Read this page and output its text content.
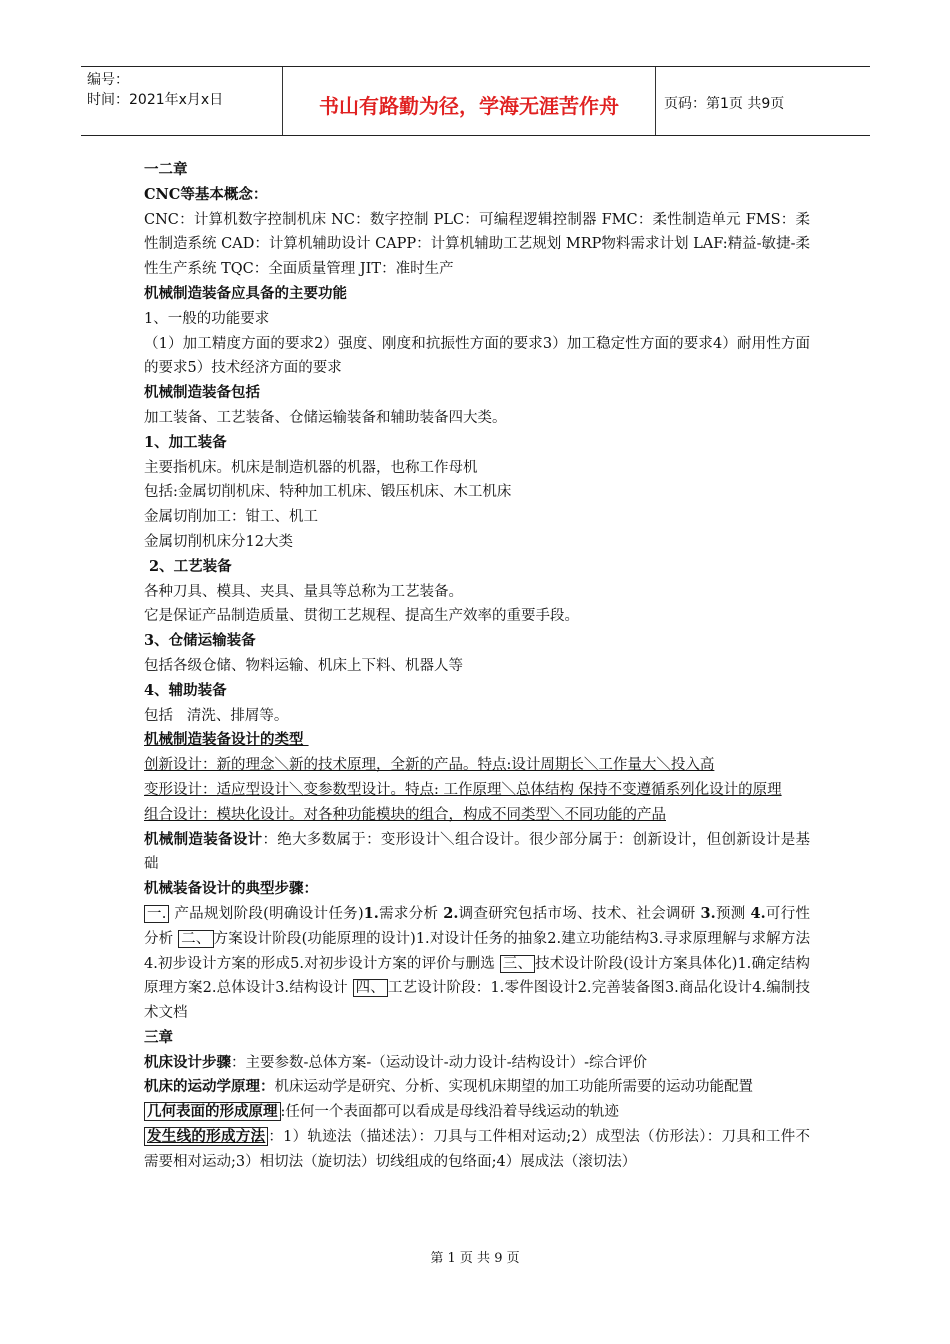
编号：
时间：2021年x月x日	书山有路勤为径，学海无涯苦作舟	页码：第1页 共9页

一二章

CNC等基本概念：

CNC：计算机数字控制机床 NC：数字控制 PLC：可编程逻辑控制器 FMC：柔性制造单元 FMS：柔性制造系统 CAD：计算机辅助设计 CAPP：计算机辅助工艺规划 MRP物料需求计划 LAF:精益-敏捷-柔性生产系统 TQC：全面质量管理 JIT：准时生产

机械制造装备应具备的主要功能

1、一般的功能要求

（1）加工精度方面的要求2）强度、刚度和抗振性方面的要求3）加工稳定性方面的要求4）耐用性方面的要求5）技术经济方面的要求

机械制造装备包括

加工装备、工艺装备、仓储运输装备和辅助装备四大类。

1、加工装备

主要指机床。机床是制造机器的机器，也称工作母机

包括:金属切削机床、特种加工机床、锻压机床、木工机床

金属切削加工：钳工、机工

金属切削机床分12大类

2、工艺装备

各种刀具、模具、夹具、量具等总称为工艺装备。

它是保证产品制造质量、贯彻工艺规程、提高生产效率的重要手段。

3、仓储运输装备

包括各级仓储、物料运输、机床上下料、机器人等

4、辅助装备

包括   清洗、排屑等。

机械制造装备设计的类型

创新设计：新的理念＼新的技术原理，全新的产品。特点:设计周期长＼工作量大＼投入高

变形设计：适应型设计＼变参数型设计。特点: 工作原理＼总体结构 保持不变遵循系列化设计的原理

组合设计：模块化设计。对各种功能模块的组合，构成不同类型＼不同功能的产品

机械制造装备设计：绝大多数属于：变形设计＼组合设计。很少部分属于：创新设计，但创新设计是基础

机械装备设计的典型步骤：

一. 产品规划阶段(明确设计任务)1.需求分析 2.调查研究包括市场、技术、社会调研 3.预测 4.可行性分析 二、 方案设计阶段(功能原理的设计)1.对设计任务的抽象2.建立功能结构3.寻求原理解与求解方法4.初步设计方案的形成5.对初步设计方案的评价与删选 三、 技术设计阶段(设计方案具体化)1.确定结构原理方案2.总体设计3.结构设计 四、 工艺设计阶段：1.零件图设计2.完善装备图3.商品化设计4.编制技术文档

三章

机床设计步骤：主要参数-总体方案-（运动设计-动力设计-结构设计）-综合评价

机床的运动学原理：机床运动学是研究、分析、实现机床期望的加工功能所需要的运动功能配置

几何表面的形成原理 :任何一个表面都可以看成是母线沿着导线运动的轨迹

发生线的形成方法 ：1）轨迹法（描述法）：刀具与工件相对运动;2）成型法（仿形法）：刀具和工件不需要相对运动;3）相切法（旋切法）切线组成的包络面;4）展成法（滚切法）

第 1 页 共 9 页
